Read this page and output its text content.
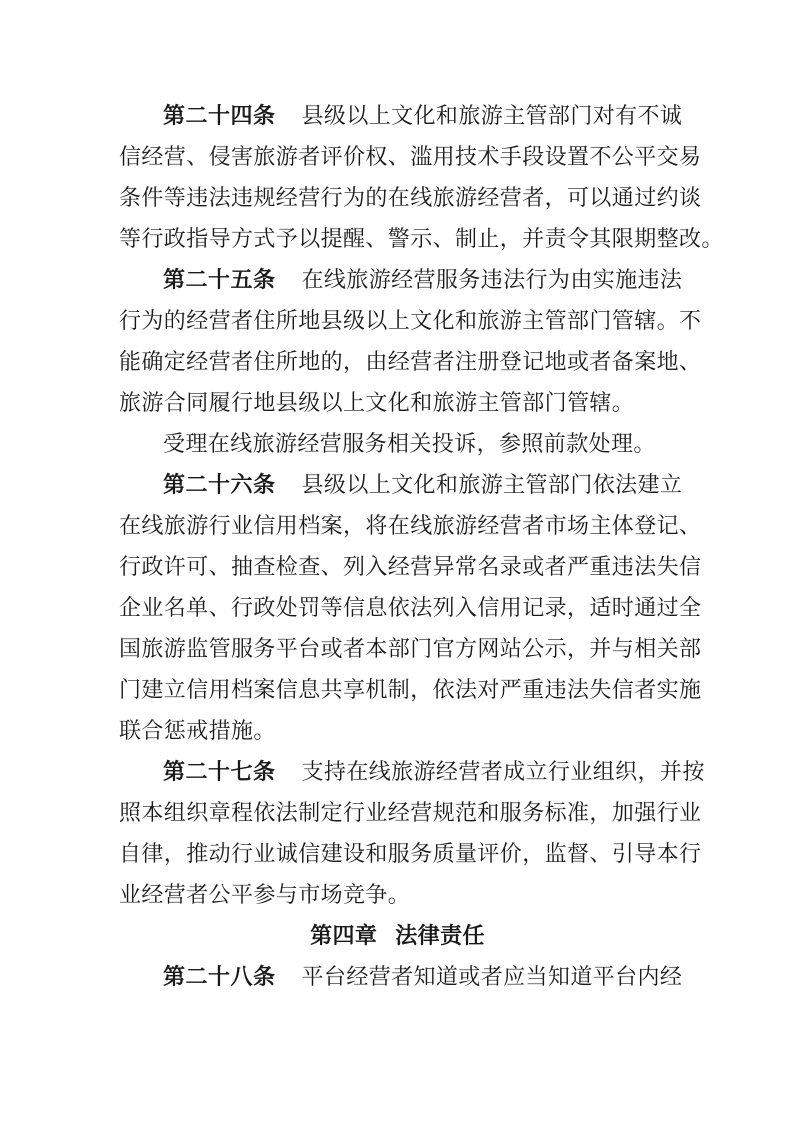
第二十四条 县级以上文化和旅游主管部门对有不诚
信经营、侵害旅游者评价权、滥用技术手段设置不公平交易
条件等违法违规经营行为的在线旅游经营者，可以通过约谈
等行政指导方式予以提醒、警示、制止，并责令其限期整改。
第二十五条 在线旅游经营服务违法行为由实施违法
行为的经营者住所地县级以上文化和旅游主管部门管辖。不
能确定经营者住所地的，由经营者注册登记地或者备案地、
旅游合同履行地县级以上文化和旅游主管部门管辖。
受理在线旅游经营服务相关投诉，参照前款处理。
第二十六条 县级以上文化和旅游主管部门依法建立
在线旅游行业信用档案，将在线旅游经营者市场主体登记、
行政许可、抽查检查、列入经营异常名录或者严重违法失信
企业名单、行政处罚等信息依法列入信用记录，适时通过全
国旅游监管服务平台或者本部门官方网站公示，并与相关部
门建立信用档案信息共享机制，依法对严重违法失信者实施
联合惩戒措施。
第二十七条 支持在线旅游经营者成立行业组织，并按
照本组织章程依法制定行业经营规范和服务标准，加强行业
自律，推动行业诚信建设和服务质量评价，监督、引导本行
业经营者公平参与市场竞争。
第四章 法律责任
第二十八条 平台经营者知道或者应当知道平台内经
